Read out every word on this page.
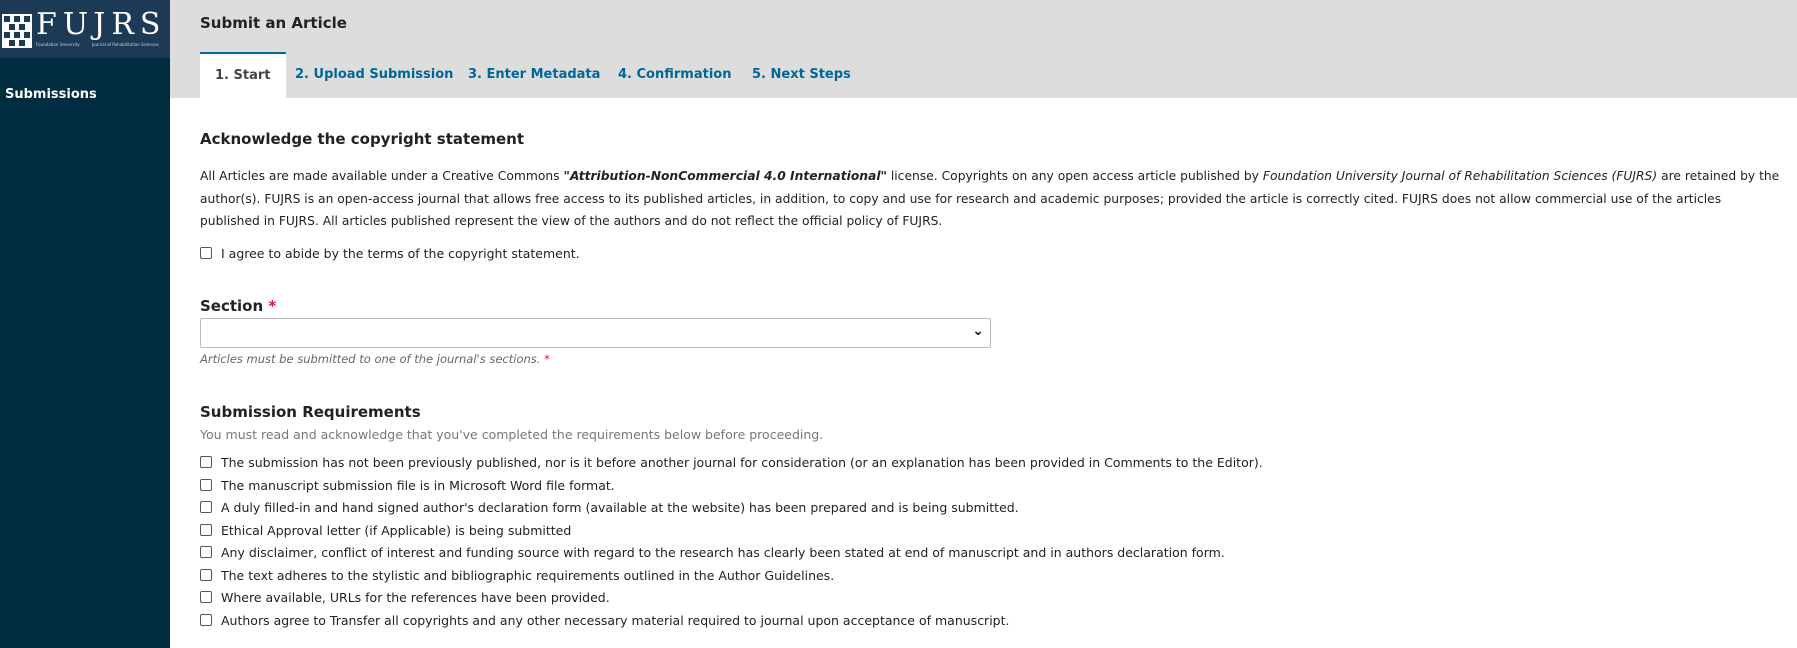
FUJRS
Foundation University	Journal of Rehabilitation Sciences
Submissions
Submit an Article
1. Start	2. Upload Submission 3. Enter Metadata 4. Confirmation 5. Next Steps
Acknowledge the copyright statement
All Articles are made available under a Creative Commons "Attribution-NonCommercial 4.0 International" license. Copyrights on any open access article published by Foundation University Journal of Rehabilitation Sciences (FUJRS) are retained by the author(s). FUJRS is an open-access journal that allows free access to its published articles, in addition, to copy and use for research and academic purposes; provided the article is correctly cited. FUJRS does not allow commercial use of the articles published in FUJRS. All articles published represent the view of the authors and do not reflect the official policy of FUJRS.
I agree to abide by the terms of the copyright statement.
Section *
⌄
Articles must be submitted to one of the journal's sections. *
Submission Requirements
You must read and acknowledge that you've completed the requirements below before proceeding.
The submission has not been previously published, nor is it before another journal for consideration (or an explanation has been provided in Comments to the Editor).
The manuscript submission file is in Microsoft Word file format.
A duly filled-in and hand signed author's declaration form (available at the website) has been prepared and is being submitted.
Ethical Approval letter (if Applicable) is being submitted
Any disclaimer, conflict of interest and funding source with regard to the research has clearly been stated at end of manuscript and in authors declaration form.
The text adheres to the stylistic and bibliographic requirements outlined in the Author Guidelines.
Where available, URLs for the references have been provided.
Authors agree to Transfer all copyrights and any other necessary material required to journal upon acceptance of manuscript.
